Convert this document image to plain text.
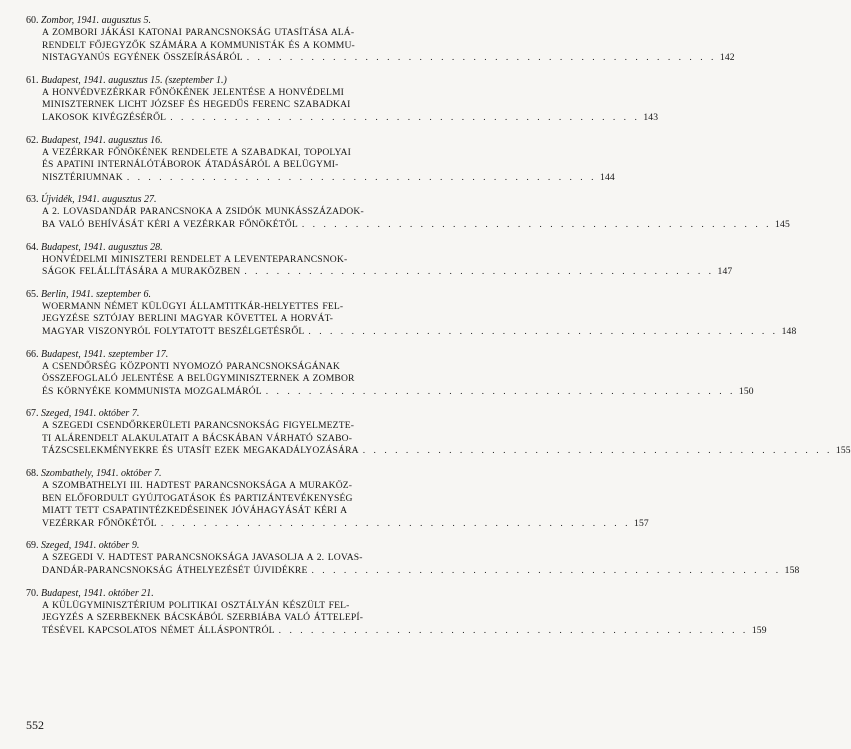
60. Zombor, 1941. augusztus 5.
A ZOMBORI JÁKÁSI KATONAI PARANCSNOKSÁG UTASÍTÁSA ALÁ-
RENDELT FŐJEGYZŐK SZÁMÁRA A KOMMUNISTÁK ÉS A KOMMU-
NISTAGYANÚS EGYÉNEK ÖSSZEÍRÁSÁRÓL . . . . . . . . . . . . . . . . . . . . . . . . . . . . . . . . . . . . . . . . . . . . 142
61. Budapest, 1941. augusztus 15. (szeptember 1.)
A HONVÉDVEZÉRKAR FŐNÖKÉNEK JELENTÉSE A HONVÉDELMI
MINISZTERNEK LICHT JÓZSEF ÉS HEGEDŰS FERENC SZABADKAI
LAKOSOK KIVÉGZÉSÉRŐL . . . . . . . . . . . . . . . . . . . . . . . . . . . . . . . . . . . . . . . . . . . . 143
62. Budapest, 1941. augusztus 16.
A VEZÉRKAR FŐNÖKÉNEK RENDELETE A SZABADKAI, TOPOLYAI
ÉS APATINI INTERNÁLÓTÁBOROK ÁTADÁSÁRÓL A BELÜGYMI-
NISZTÉRIUMNAK . . . . . . . . . . . . . . . . . . . . . . . . . . . . . . . . . . . . . . . . . . . . 144
63. Újvidék, 1941. augusztus 27.
A 2. LOVASDANDÁR PARANCSNOKA A ZSIDÓK MUNKÁSSZÁZADOK-
BA VALÓ BEHÍVÁSÁT KÉRI A VEZÉRKAR FŐNÖKÉTŐL . . . . . . . . . . . . . . . . . . . . . . . . . . . . . . . . . . . . . . . . . . . . 145
64. Budapest, 1941. augusztus 28.
HONVÉDELMI MINISZTERI RENDELET A LEVENTEPARANCSNOK-
SÁGOK FELÁLLÍTÁSÁRA A MURAKÖZBEN . . . . . . . . . . . . . . . . . . . . . . . . . . . . . . . . . . . . . . . . . . . . 147
65. Berlin, 1941. szeptember 6.
WOERMANN NÉMET KÜLÜGYI ÁLLAMTITKÁR-HELYETTES FEL-
JEGYZÉSE SZTÓJAY BERLINI MAGYAR KÖVETTEL A HORVÁT-
MAGYAR VISZONYRÓL FOLYTATOTT BESZÉLGETÉSRŐL . . . . . . . . . . . . . . . . . . . . . . . . . . . . . . . . . . . . . . . . . . . . 148
66. Budapest, 1941. szeptember 17.
A CSENDŐRSÉG KÖZPONTI NYOMOZÓ PARANCSNOKSÁGÁNAK
ÖSSZEFOGLALÓ JELENTÉSE A BELÜGYMINISZTERNEK A ZOMBOR
ÉS KÖRNYÉKE KOMMUNISTA MOZGALMÁRÓL . . . . . . . . . . . . . . . . . . . . . . . . . . . . . . . . . . . . . . . . . . . . 150
67. Szeged, 1941. október 7.
A SZEGEDI CSENDŐRKERÜLETI PARANCSNOKSÁG FIGYELMEZTE-
TI ALÁRENDELT ALAKULATAIT A BÁCSKÁBAN VÁRHATÓ SZABO-
TÁZSCSELEKMÉNYEKRE ÉS UTASÍT EZEK MEGAKADÁLYOZÁSÁRA . . . . . . . . . . . . . . . . . . . . . . . . . . . . . . . . . . . . . . . . . . . . 155
68. Szombathely, 1941. október 7.
A SZOMBATHELYI III. HADTEST PARANCSNOKSÁGA A MURAKÖZ-
BEN ELŐFORDULT GYÚJTOGATÁSOK ÉS PARTIZÁNTEVÉKENYSÉG
MIATT TETT CSAPATINTÉZKEDÉSEINEK JÓVÁHAGYÁSÁT KÉRI A
VEZÉRKAR FŐNÖKÉTŐL . . . . . . . . . . . . . . . . . . . . . . . . . . . . . . . . . . . . . . . . . . . . 157
69. Szeged, 1941. október 9.
A SZEGEDI V. HADTEST PARANCSNOKSÁGA JAVASOLJA A 2. LOVAS-
DANDÁR-PARANCSNOKSÁG ÁTHELYEZÉSÉT ÚJVIDÉKRE . . . . . . . . . . . . . . . . . . . . . . . . . . . . . . . . . . . . . . . . . . . . 158
70. Budapest, 1941. október 21.
A KÜLÜGYMINISZTÉRIUM POLITIKAI OSZTÁLYÁN KÉSZÜLT FEL-
JEGYZÉS A SZERBEKNEK BÁCSKÁBÓL SZERBIÁBA VALÓ ÁTTELEPÍ-
TÉSÉVEL KAPCSOLATOS NÉMET ÁLLÁSPONTRÓL . . . . . . . . . . . . . . . . . . . . . . . . . . . . . . . . . . . . . . . . . . . . 159
552
